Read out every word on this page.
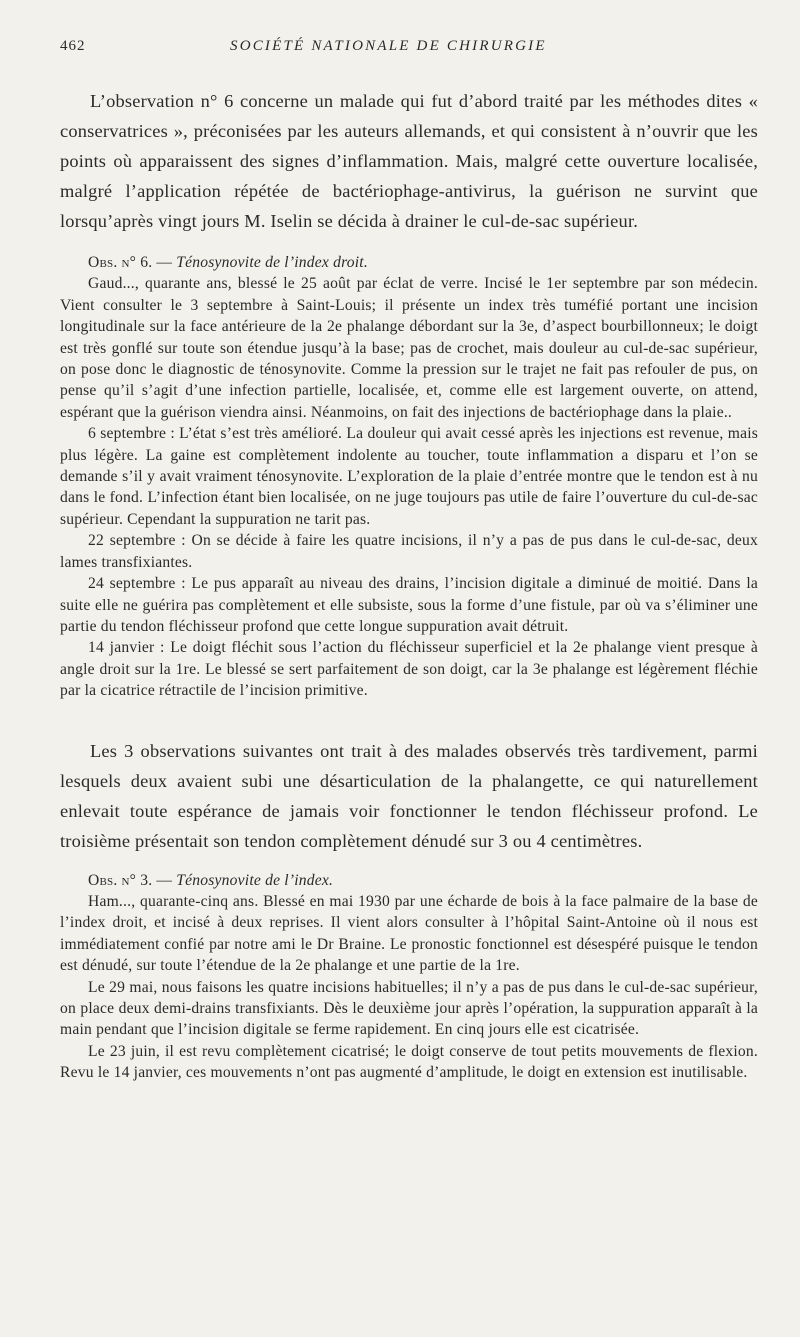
462	SOCIÉTÉ NATIONALE DE CHIRURGIE

L’observation n° 6 concerne un malade qui fut d’abord traité par les méthodes dites « conservatrices », préconisées par les auteurs allemands, et qui consistent à n’ouvrir que les points où apparaissent des signes d’inflammation. Mais, malgré cette ouverture localisée, malgré l’application répétée de bactériophage-antivirus, la guérison ne survint que lorsqu’après vingt jours M. Iselin se décida à drainer le cul-de-sac supérieur.

Obs. n° 6. — Ténosynovite de l’index droit.

Gaud..., quarante ans, blessé le 25 août par éclat de verre. Incisé le 1er septembre par son médecin. Vient consulter le 3 septembre à Saint-Louis; il présente un index très tuméfié portant une incision longitudinale sur la face antérieure de la 2e phalange débordant sur la 3e, d’aspect bourbillonneux; le doigt est très gonflé sur toute son étendue jusqu’à la base; pas de crochet, mais douleur au cul-de-sac supérieur, on pose donc le diagnostic de ténosynovite. Comme la pression sur le trajet ne fait pas refouler de pus, on pense qu’il s’agit d’une infection partielle, localisée, et, comme elle est largement ouverte, on attend, espérant que la guérison viendra ainsi. Néanmoins, on fait des injections de bactériophage dans la plaie..

6 septembre : L’état s’est très amélioré. La douleur qui avait cessé après les injections est revenue, mais plus légère. La gaine est complètement indolente au toucher, toute inflammation a disparu et l’on se demande s’il y avait vraiment ténosynovite. L’exploration de la plaie d’entrée montre que le tendon est à nu dans le fond. L’infection étant bien localisée, on ne juge toujours pas utile de faire l’ouverture du cul-de-sac supérieur. Cependant la suppuration ne tarit pas.

22 septembre : On se décide à faire les quatre incisions, il n’y a pas de pus dans le cul-de-sac, deux lames transfixiantes.

24 septembre : Le pus apparaît au niveau des drains, l’incision digitale a diminué de moitié. Dans la suite elle ne guérira pas complètement et elle subsiste, sous la forme d’une fistule, par où va s’éliminer une partie du tendon fléchisseur profond que cette longue suppuration avait détruit.

14 janvier : Le doigt fléchit sous l’action du fléchisseur superficiel et la 2e phalange vient presque à angle droit sur la 1re. Le blessé se sert parfaitement de son doigt, car la 3e phalange est légèrement fléchie par la cicatrice rétractile de l’incision primitive.

Les 3 observations suivantes ont trait à des malades observés très tardivement, parmi lesquels deux avaient subi une désarticulation de la phalangette, ce qui naturellement enlevait toute espérance de jamais voir fonctionner le tendon fléchisseur profond. Le troisième présentait son tendon complètement dénudé sur 3 ou 4 centimètres.

Obs. n° 3. — Ténosynovite de l’index.

Ham..., quarante-cinq ans. Blessé en mai 1930 par une écharde de bois à la face palmaire de la base de l’index droit, et incisé à deux reprises. Il vient alors consulter à l’hôpital Saint-Antoine où il nous est immédiatement confié par notre ami le Dr Braine. Le pronostic fonctionnel est désespéré puisque le tendon est dénudé, sur toute l’étendue de la 2e phalange et une partie de la 1re.

Le 29 mai, nous faisons les quatre incisions habituelles; il n’y a pas de pus dans le cul-de-sac supérieur, on place deux demi-drains transfixiants. Dès le deuxième jour après l’opération, la suppuration apparaît à la main pendant que l’incision digitale se ferme rapidement. En cinq jours elle est cicatrisée.

Le 23 juin, il est revu complètement cicatrisé; le doigt conserve de tout petits mouvements de flexion. Revu le 14 janvier, ces mouvements n’ont pas augmenté d’amplitude, le doigt en extension est inutilisable.
